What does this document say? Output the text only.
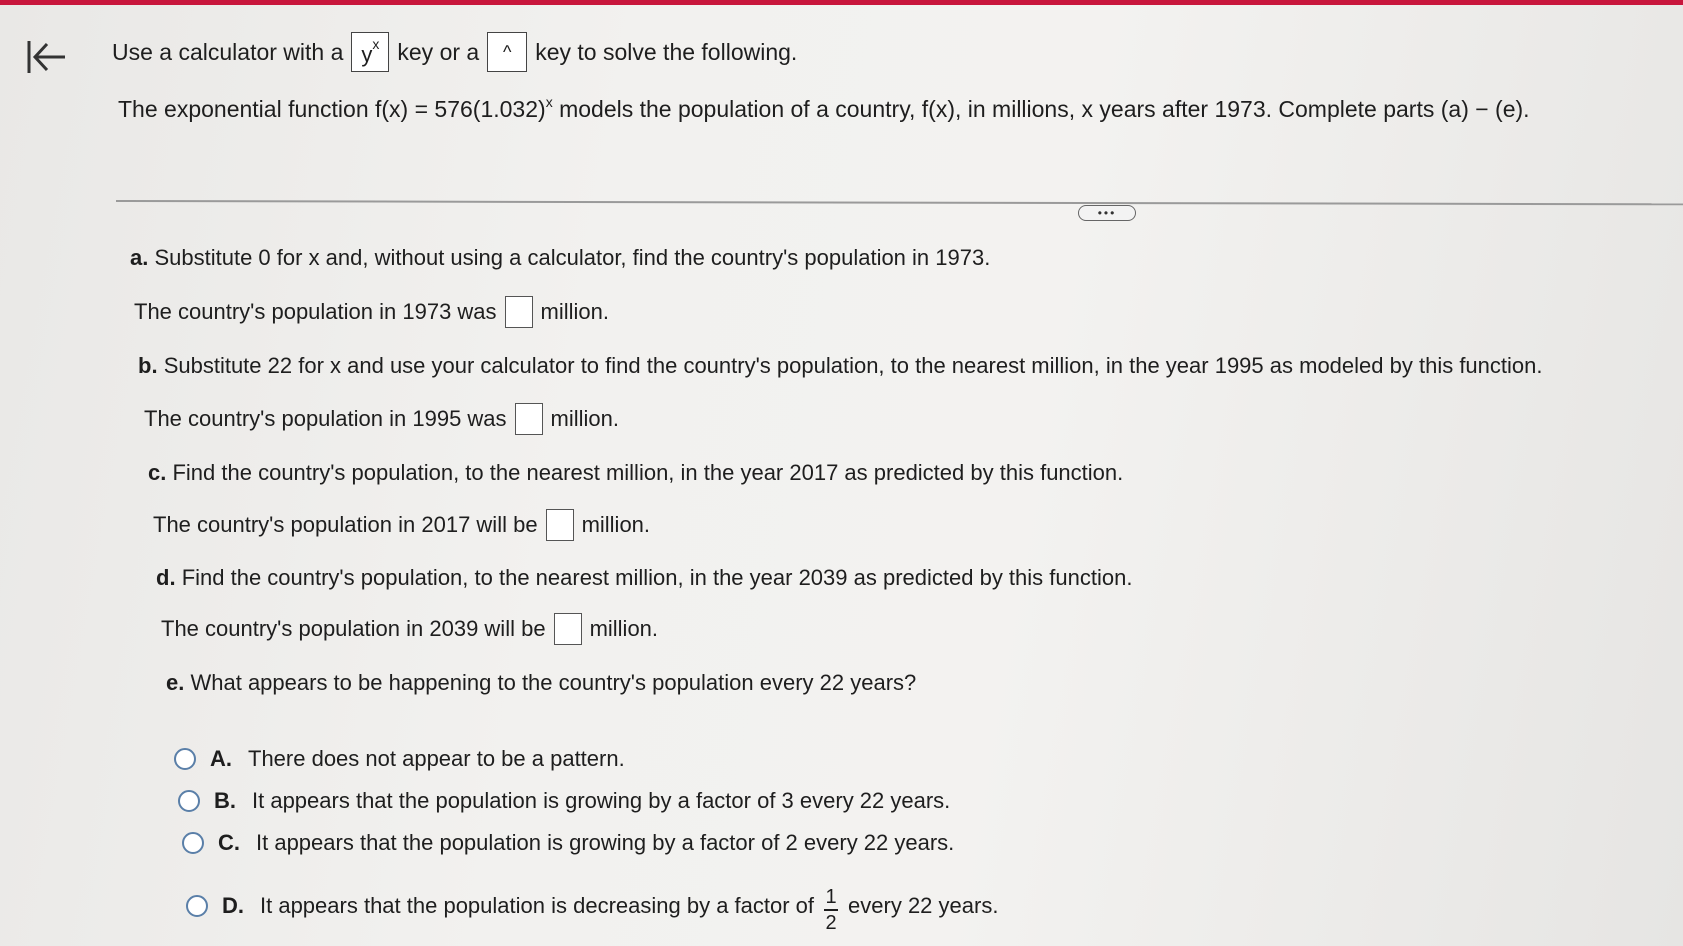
Use a calculator with a y x key or a	^	key to solve the following.
The exponential function $f(x) = 576(1.032)^x$ models the population of a country, f(x), in millions, x years after 1973. Complete parts (a) − (e).
•••
a. Substitute 0 for x and, without using a calculator, find the country's population in 1973.
The country's population in 1973 was million.
b. Substitute 22 for x and use your calculator to find the country's population, to the nearest million, in the year 1995 as modeled by this function.
The country's population in 1995 was million.
c. Find the country's population, to the nearest million, in the year 2017 as predicted by this function.
The country's population in 2017 will be million.
d. Find the country's population, to the nearest million, in the year 2039 as predicted by this function.
The country's population in 2039 will be million.
e. What appears to be happening to the country's population every 22 years?
A. There does not appear to be a pattern.
B. It appears that the population is growing by a factor of 3 every 22 years.
C. It appears that the population is growing by a factor of 2 every 22 years.
D. It appears that the population is decreasing by a factor of $\frac{1}{2}$ every 22 years.
